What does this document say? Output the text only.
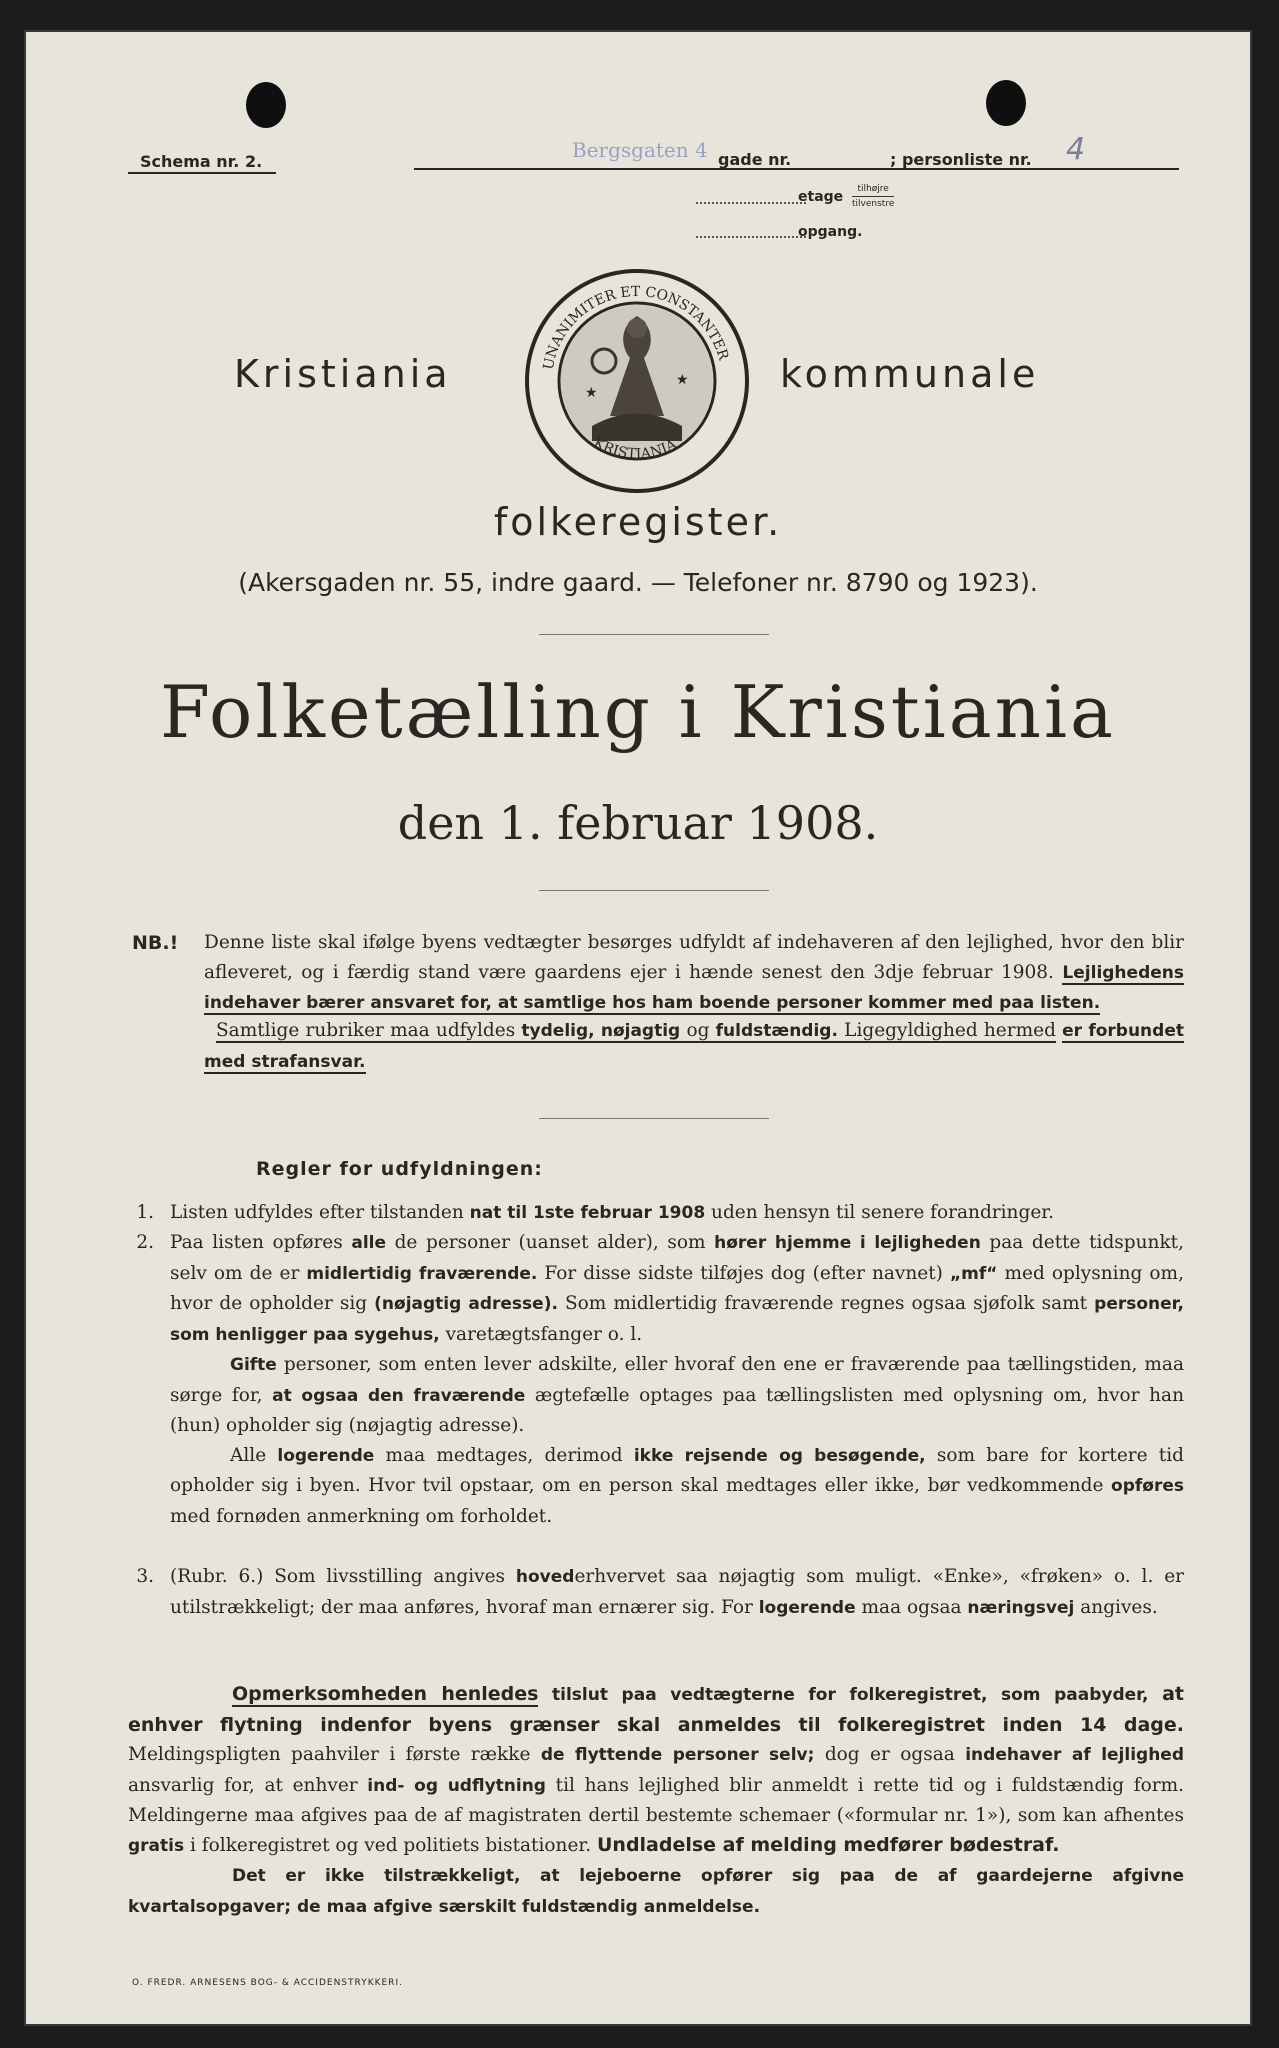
Schema nr. 2.	Bergsgaten 4 gade nr.	; personliste nr. 4
etage	tilhøjre
tilvenstre
opgang.
Kristiania	kommunale
★
★
UNANIMITER ET CONSTANTER
KRISTIANIA
folkeregister.
(Akersgaden nr. 55, indre gaard. — Telefoner nr. 8790 og 1923).
Folketælling i Kristiania
den 1. februar 1908.
NB.! Denne liste skal ifølge byens vedtægter besørges udfyldt af indehaveren af den lejlighed, hvor den blir afleveret, og i færdig stand være gaardens ejer i hænde senest den 3dje februar 1908. Lejlighedens indehaver bærer ansvaret for, at samtlige hos ham boende personer kommer med paa listen.

Samtlige rubriker maa udfyldes tydelig, nøjagtig og fuldstændig. Ligegyldighed hermed er forbundet med strafansvar.

Regler for udfyldningen:
1. Listen udfyldes efter tilstanden nat til 1ste februar 1908 uden hensyn til senere forandringer.

2. Paa listen opføres alle de personer (uanset alder), som hører hjemme i lejligheden paa dette tidspunkt, selv om de er midlertidig fraværende. For disse sidste tilføjes dog (efter navnet) „mf“ med oplysning om, hvor de opholder sig (nøjagtig adresse). Som midlertidig fraværende regnes ogsaa sjøfolk samt personer, som henligger paa sygehus, varetægtsfanger o. l.

Gifte personer, som enten lever adskilte, eller hvoraf den ene er fraværende paa tællingstiden, maa sørge for, at ogsaa den fraværende ægtefælle optages paa tællingslisten med oplysning om, hvor han (hun) opholder sig (nøjagtig adresse).

Alle logerende maa medtages, derimod ikke rejsende og besøgende, som bare for kortere tid opholder sig i byen. Hvor tvil opstaar, om en person skal medtages eller ikke, bør vedkommende opføres med fornøden anmerkning om forholdet.

3. (Rubr. 6.) Som livsstilling angives hovederhvervet saa nøjagtig som muligt. «Enke», «frøken» o. l. er utilstrækkeligt; der maa anføres, hvoraf man ernærer sig. For logerende maa ogsaa næringsvej angives.

Opmerksomheden henledes tilslut paa vedtægterne for folkeregistret, som paabyder, at enhver flytning indenfor byens grænser skal anmeldes til folkeregistret inden 14 dage. Meldingspligten paahviler i første række de flyttende personer selv; dog er ogsaa indehaver af lejlighed ansvarlig for, at enhver ind- og udflytning til hans lejlighed blir anmeldt i rette tid og i fuldstændig form. Meldingerne maa afgives paa de af magistraten dertil bestemte schemaer («formular nr. 1»), som kan afhentes gratis i folkeregistret og ved politiets bistationer. Undladelse af melding medfører bødestraf.

Det er ikke tilstrækkeligt, at lejeboerne opfører sig paa de af gaardejerne afgivne kvartalsopgaver; de maa afgive særskilt fuldstændig anmeldelse.

O. FREDR. ARNESENS BOG- & ACCIDENSTRYKKERI.
